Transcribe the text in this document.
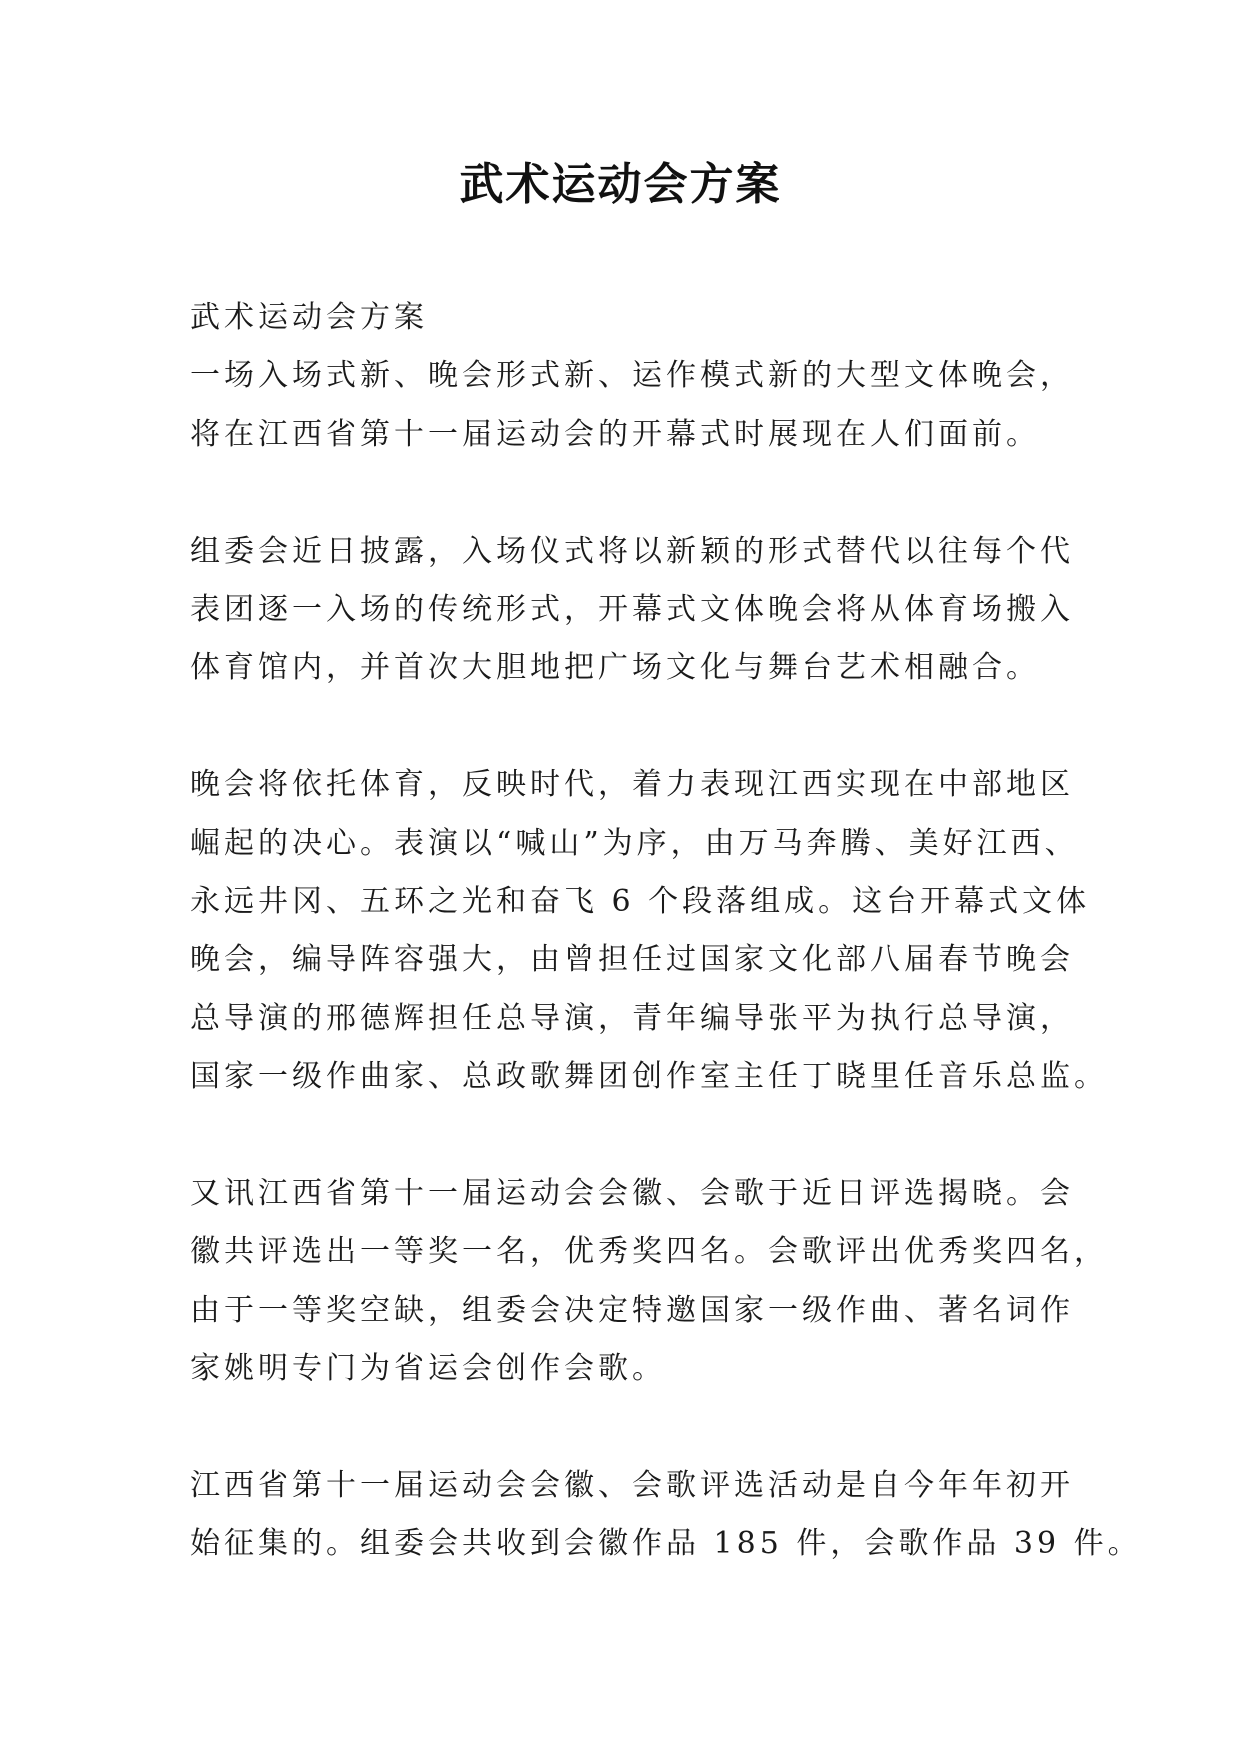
武术运动会方案
武术运动会方案
一场入场式新、晚会形式新、运作模式新的大型文体晚会，
将在江西省第十一届运动会的开幕式时展现在人们面前。
组委会近日披露，入场仪式将以新颖的形式替代以往每个代
表团逐一入场的传统形式，开幕式文体晚会将从体育场搬入
体育馆内，并首次大胆地把广场文化与舞台艺术相融合。
晚会将依托体育，反映时代，着力表现江西实现在中部地区
崛起的决心。表演以“喊山”为序，由万马奔腾、美好江西、
永远井冈、五环之光和奋飞 6 个段落组成。这台开幕式文体
晚会，编导阵容强大，由曾担任过国家文化部八届春节晚会
总导演的邢德辉担任总导演，青年编导张平为执行总导演，
国家一级作曲家、总政歌舞团创作室主任丁晓里任音乐总监。
又讯江西省第十一届运动会会徽、会歌于近日评选揭晓。会
徽共评选出一等奖一名，优秀奖四名。会歌评出优秀奖四名，
由于一等奖空缺，组委会决定特邀国家一级作曲、著名词作
家姚明专门为省运会创作会歌。
江西省第十一届运动会会徽、会歌评选活动是自今年年初开
始征集的。组委会共收到会徽作品 185 件，会歌作品 39 件。
